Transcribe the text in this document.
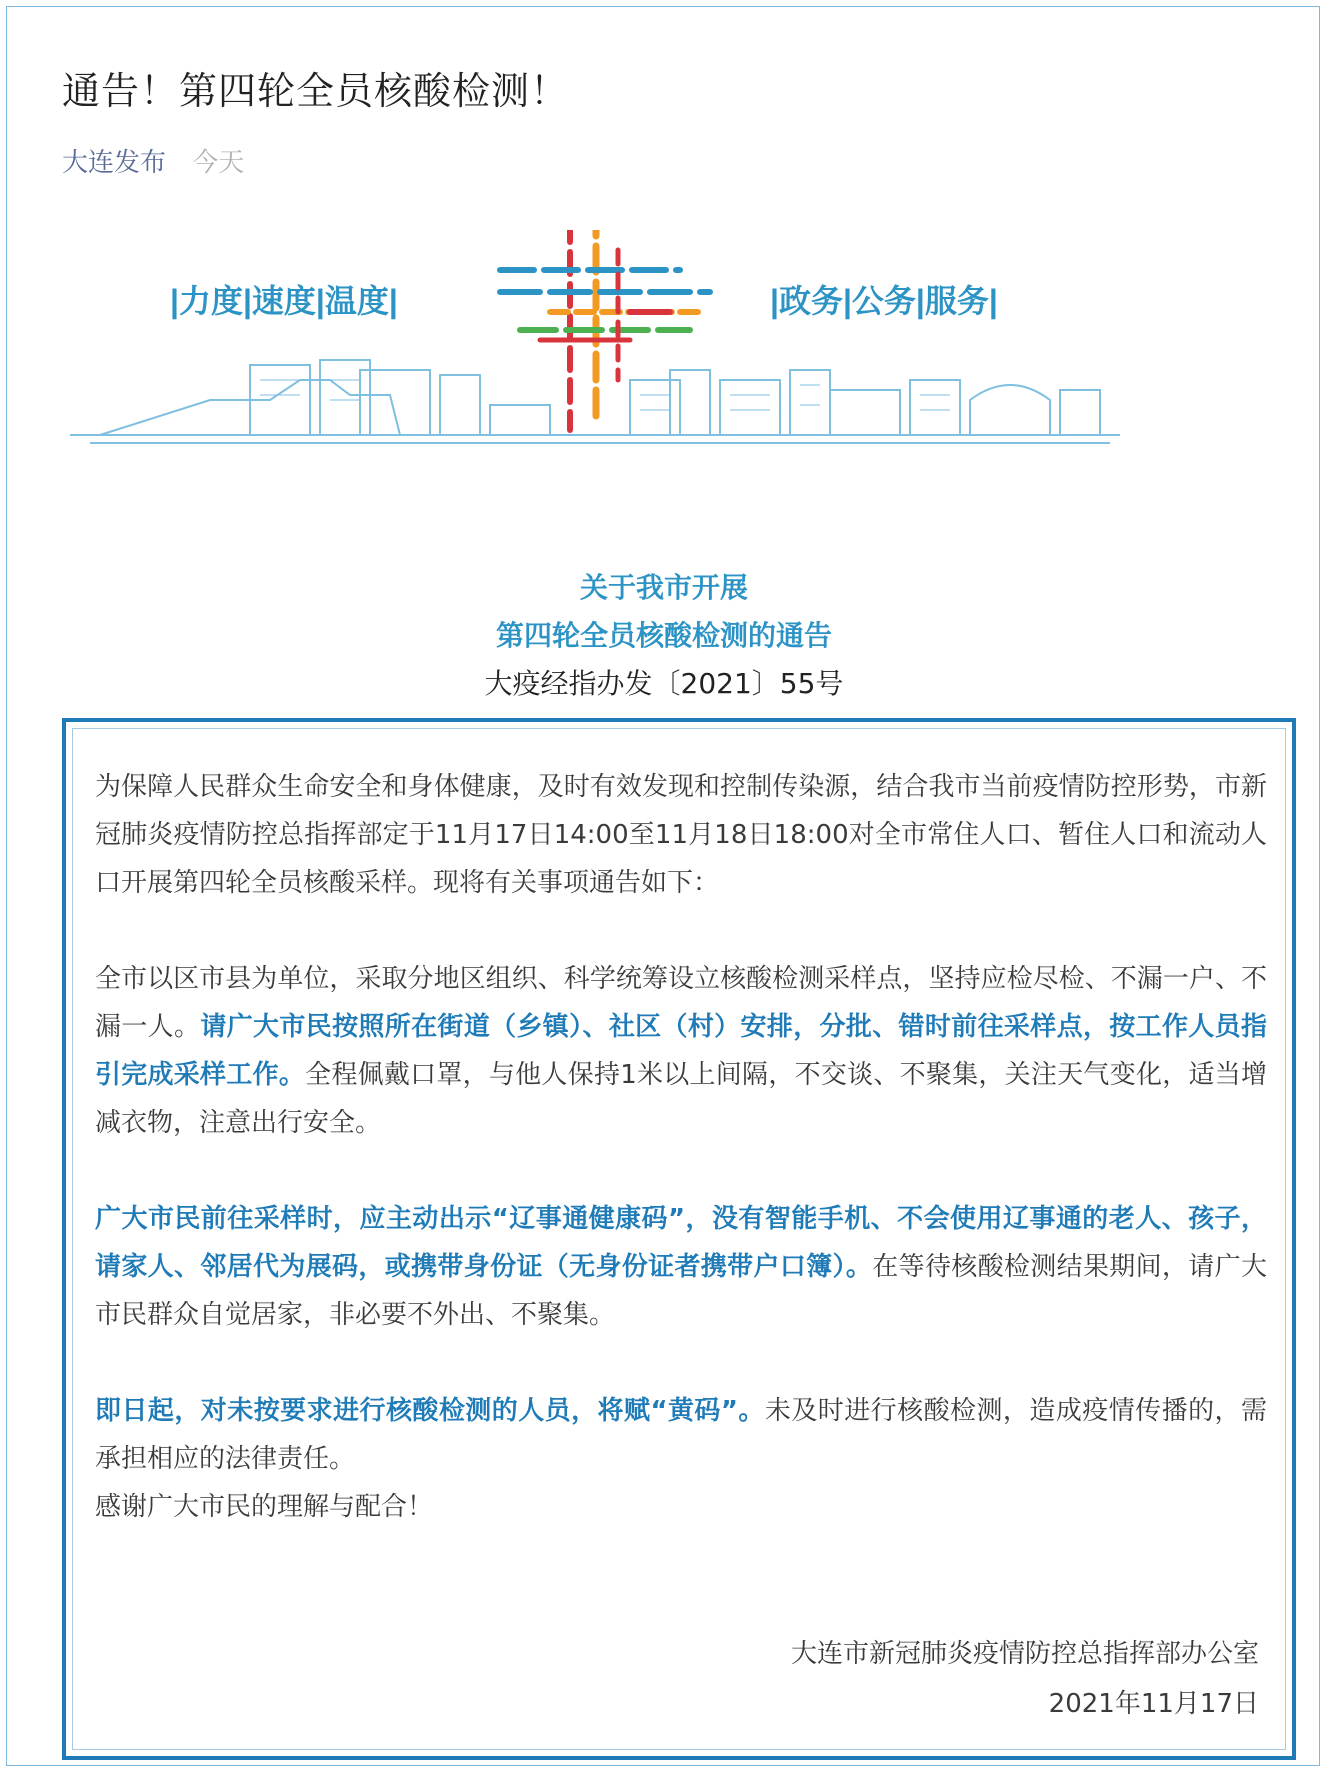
通告！第四轮全员核酸检测！
大连发布 今天
|力度|速度|温度|	|政务|公务|服务|
关于我市开展
第四轮全员核酸检测的通告
大疫经指办发〔2021〕55号

为保障人民群众生命安全和身体健康，及时有效发现和控制传染源，结合我市当前疫情防控形势，市新冠肺炎疫情防控总指挥部定于11月17日14:00至11月18日18:00对全市常住人口、暂住人口和流动人口开展第四轮全员核酸采样。现将有关事项通告如下：

全市以区市县为单位，采取分地区组织、科学统筹设立核酸检测采样点，坚持应检尽检、不漏一户、不漏一人。请广大市民按照所在街道（乡镇）、社区（村）安排，分批、错时前往采样点，按工作人员指引完成采样工作。全程佩戴口罩，与他人保持1米以上间隔，不交谈、不聚集，关注天气变化，适当增减衣物，注意出行安全。

广大市民前往采样时，应主动出示“辽事通健康码”，没有智能手机、不会使用辽事通的老人、孩子，请家人、邻居代为展码，或携带身份证（无身份证者携带户口簿）。在等待核酸检测结果期间，请广大市民群众自觉居家，非必要不外出、不聚集。

即日起，对未按要求进行核酸检测的人员，将赋“黄码”。未及时进行核酸检测，造成疫情传播的，需承担相应的法律责任。

感谢广大市民的理解与配合！

大连市新冠肺炎疫情防控总指挥部办公室
2021年11月17日
